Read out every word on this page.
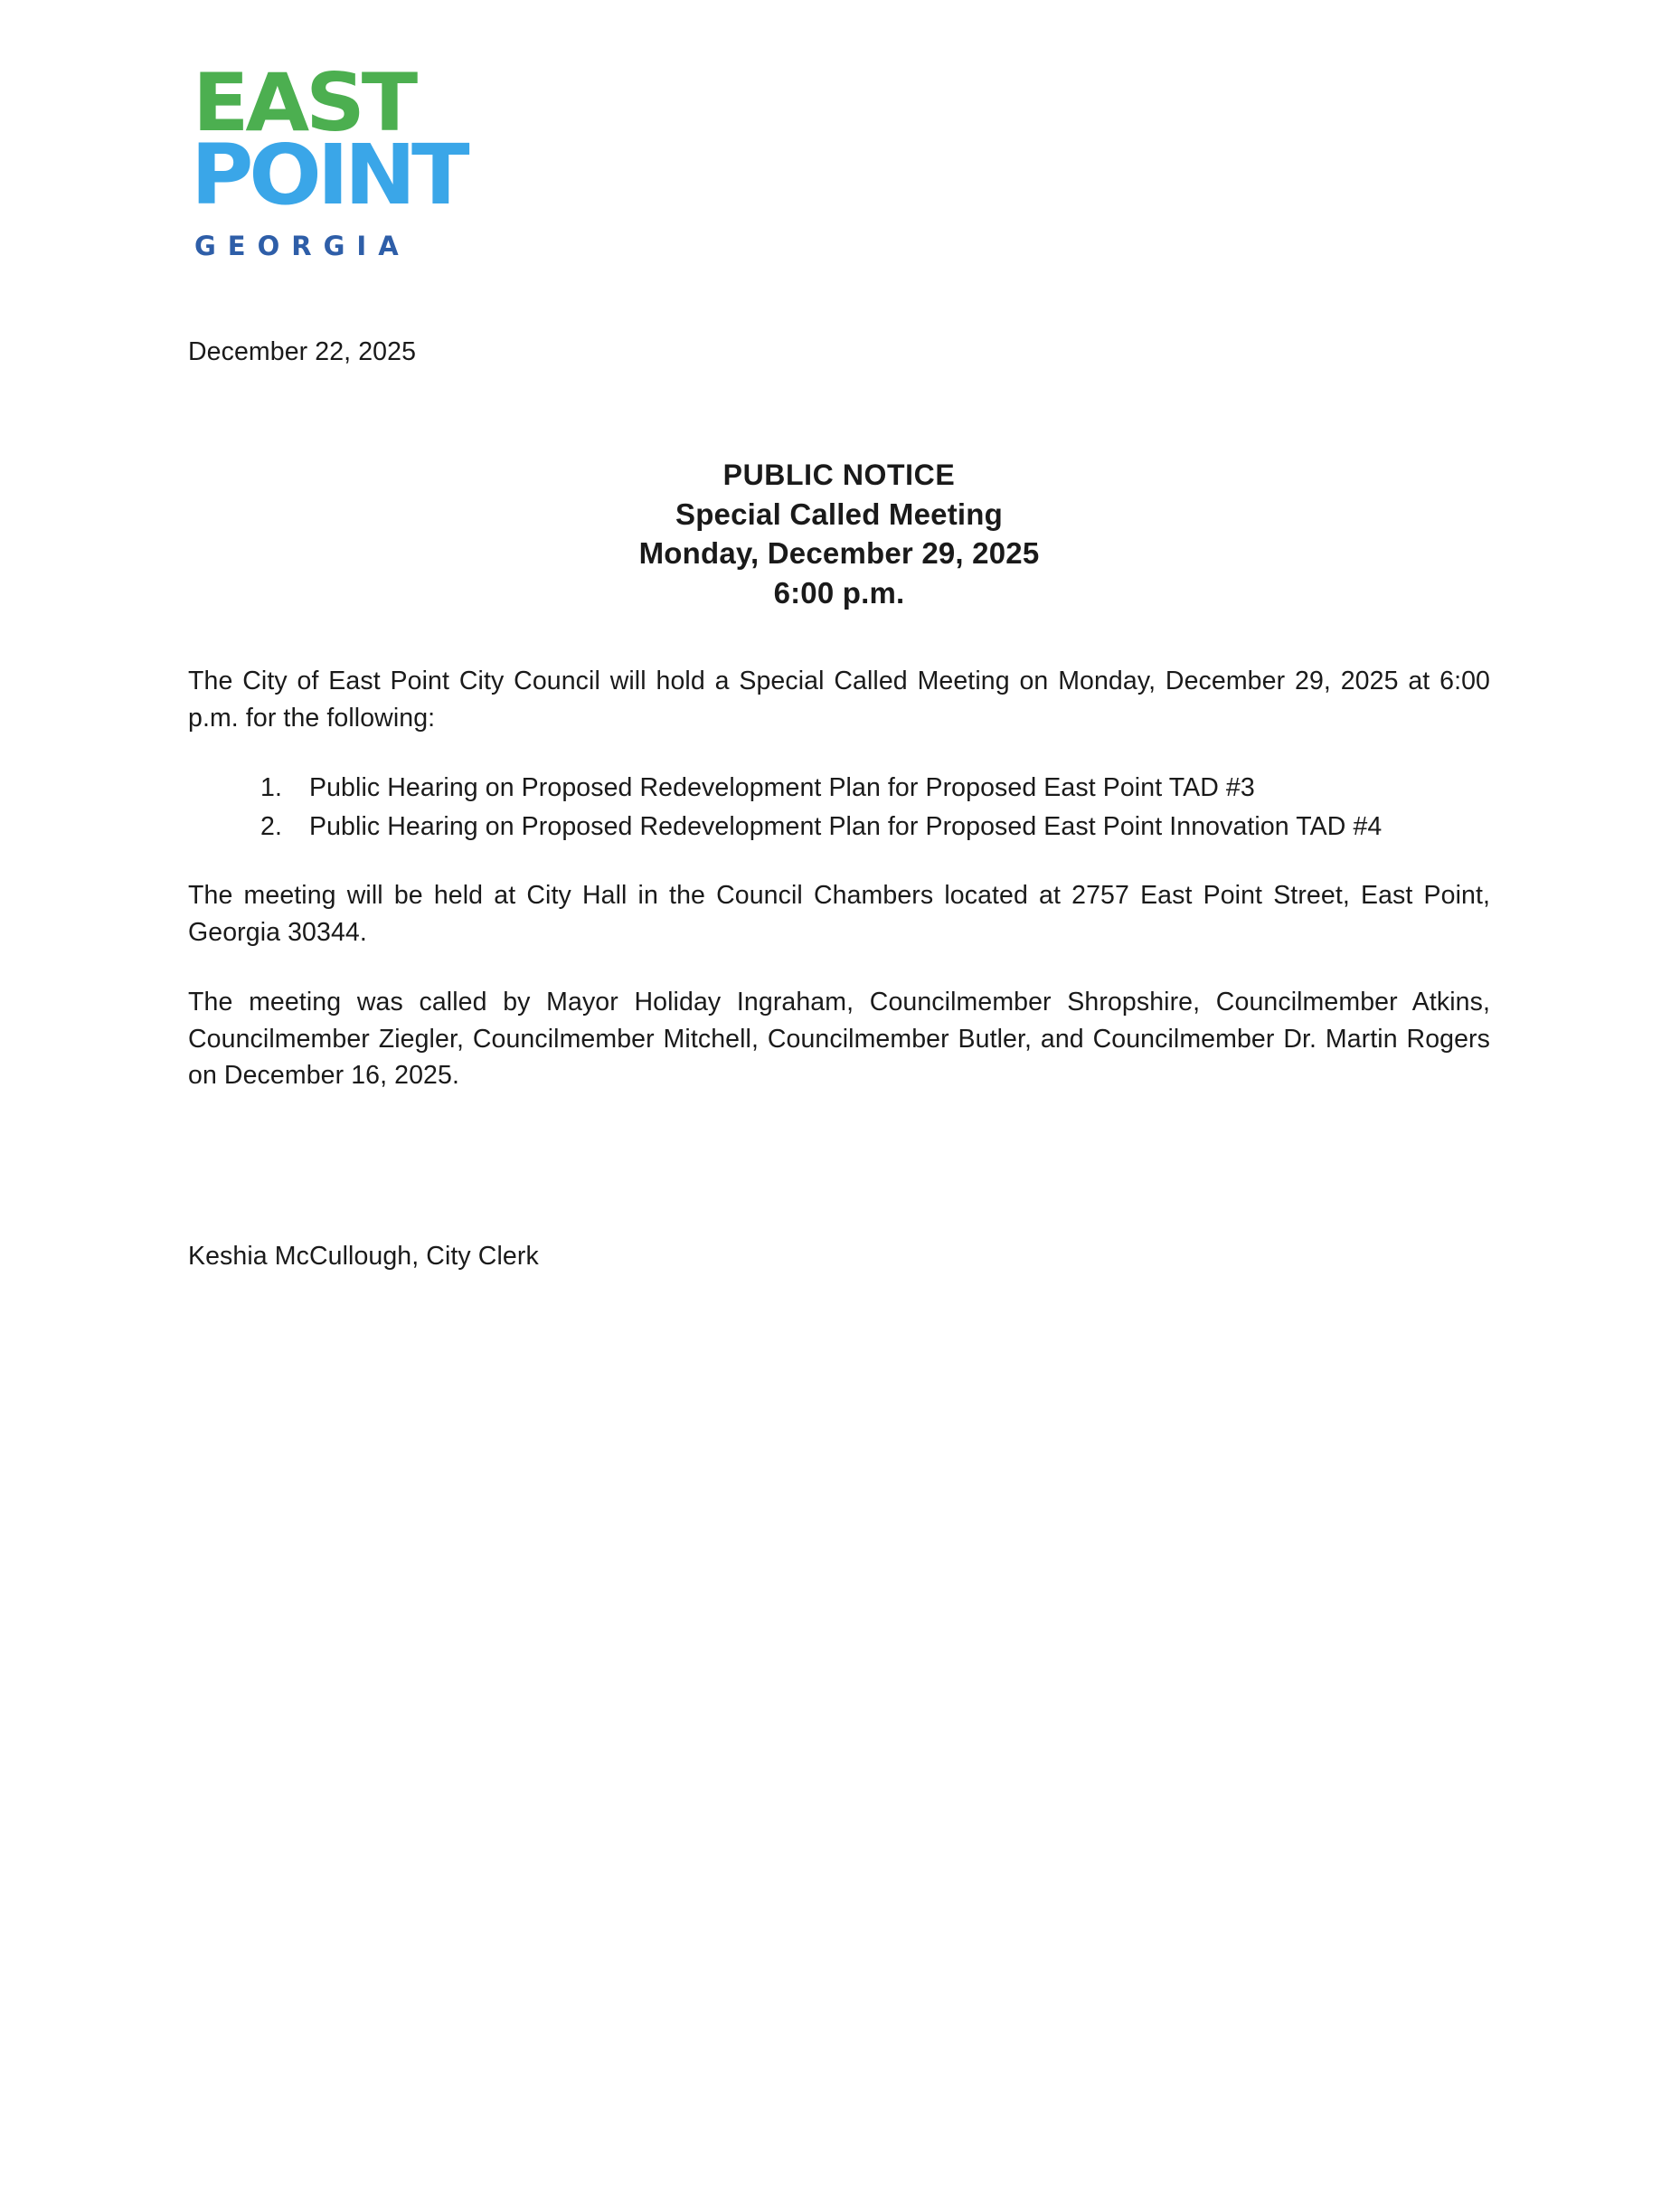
EAST
POINT
GEORGIA
December 22, 2025
PUBLIC NOTICE
Special Called Meeting
Monday, December 29, 2025
6:00 p.m.

The City of East Point City Council will hold a Special Called Meeting on Monday, December 29, 2025 at 6:00 p.m. for the following:

1. Public Hearing on Proposed Redevelopment Plan for Proposed East Point TAD #3
2. Public Hearing on Proposed Redevelopment Plan for Proposed East Point Innovation TAD #4

The meeting will be held at City Hall in the Council Chambers located at 2757 East Point Street, East Point, Georgia 30344.

The meeting was called by Mayor Holiday Ingraham, Councilmember Shropshire, Councilmember Atkins, Councilmember Ziegler, Councilmember Mitchell, Councilmember Butler, and Councilmember Dr. Martin Rogers on December 16, 2025.

Keshia McCullough, City Clerk
